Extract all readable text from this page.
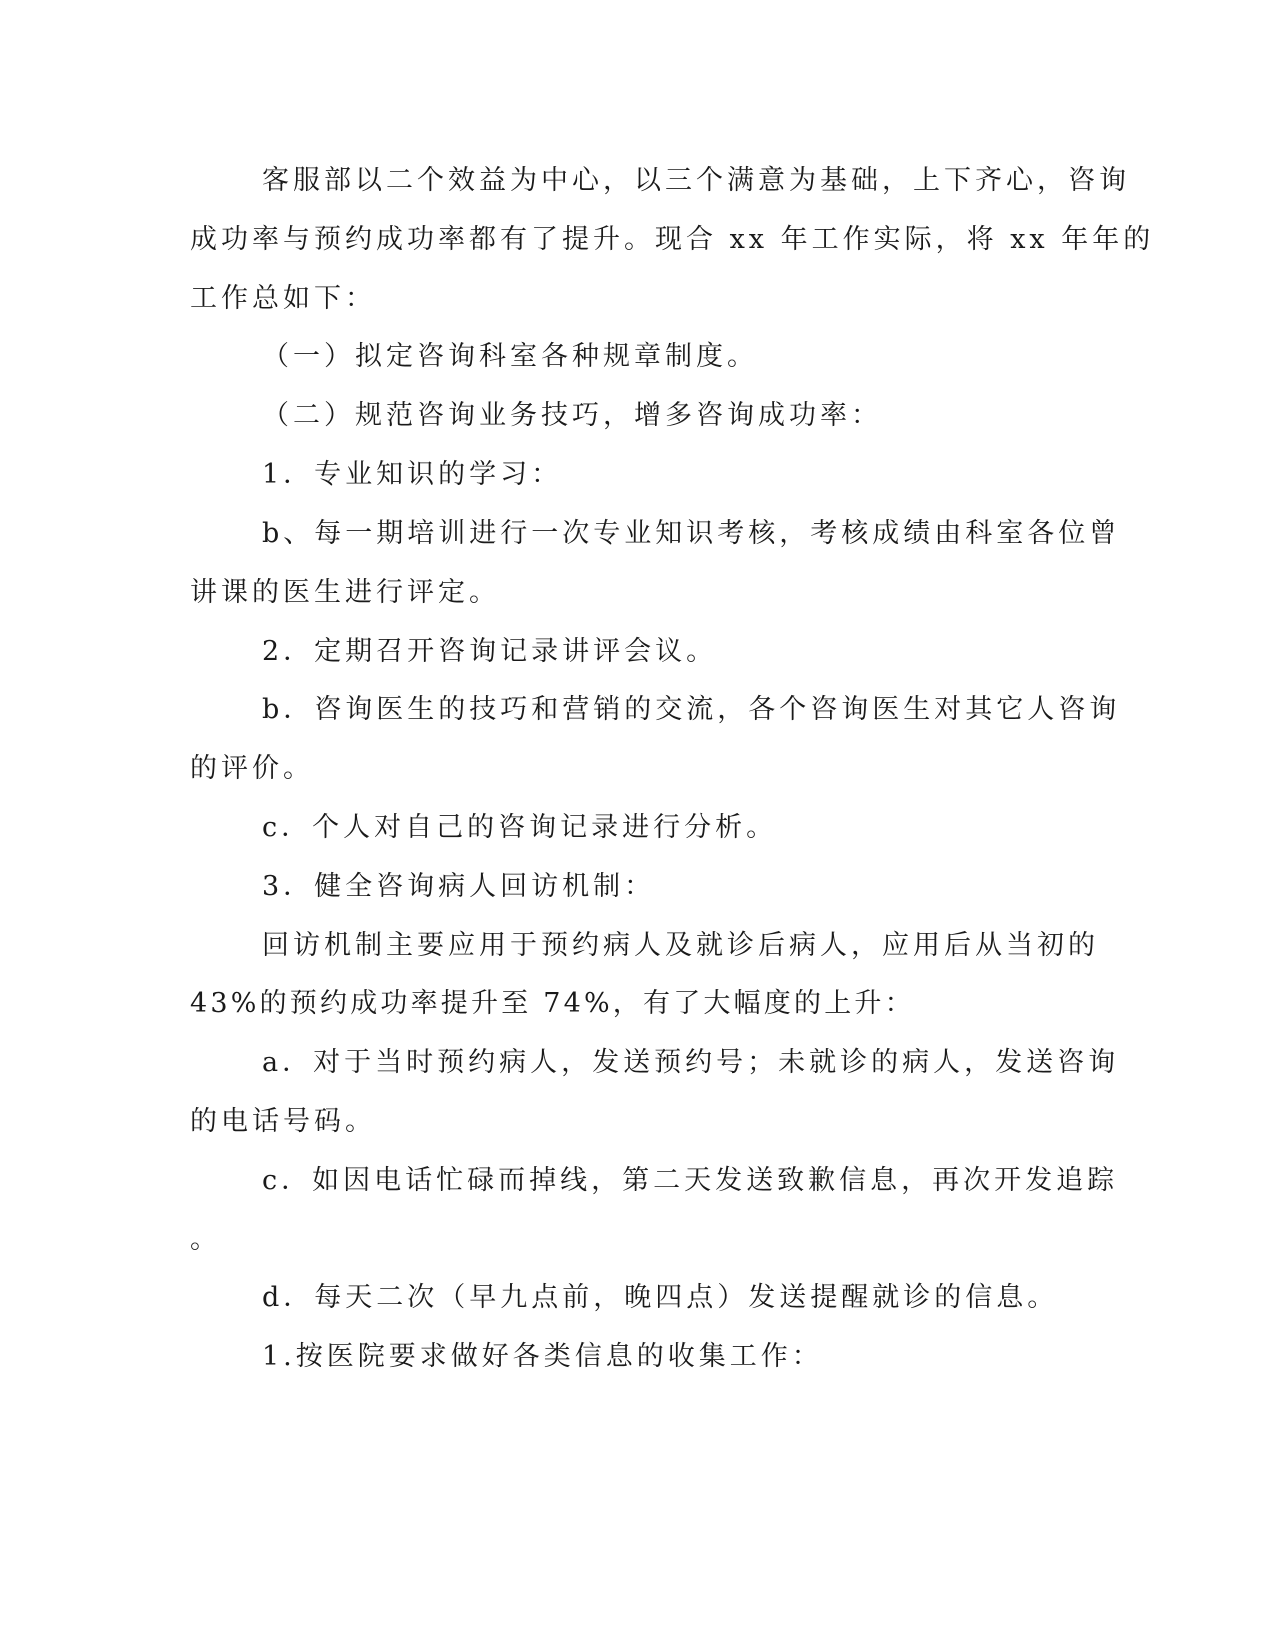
客服部以二个效益为中心，以三个满意为基础，上下齐心，咨询
成功率与预约成功率都有了提升。现合 xx 年工作实际，将 xx 年年的
工作总如下：
（一）拟定咨询科室各种规章制度。
（二）规范咨询业务技巧，增多咨询成功率：
1．专业知识的学习：
b、每一期培训进行一次专业知识考核，考核成绩由科室各位曾
讲课的医生进行评定。
2．定期召开咨询记录讲评会议。
b．咨询医生的技巧和营销的交流，各个咨询医生对其它人咨询
的评价。
c．个人对自己的咨询记录进行分析。
3．健全咨询病人回访机制：
回访机制主要应用于预约病人及就诊后病人，应用后从当初的
43%的预约成功率提升至 74%，有了大幅度的上升：
a．对于当时预约病人，发送预约号；未就诊的病人，发送咨询
的电话号码。
c．如因电话忙碌而掉线，第二天发送致歉信息，再次开发追踪
。
d．每天二次（早九点前，晚四点）发送提醒就诊的信息。
1.按医院要求做好各类信息的收集工作：
